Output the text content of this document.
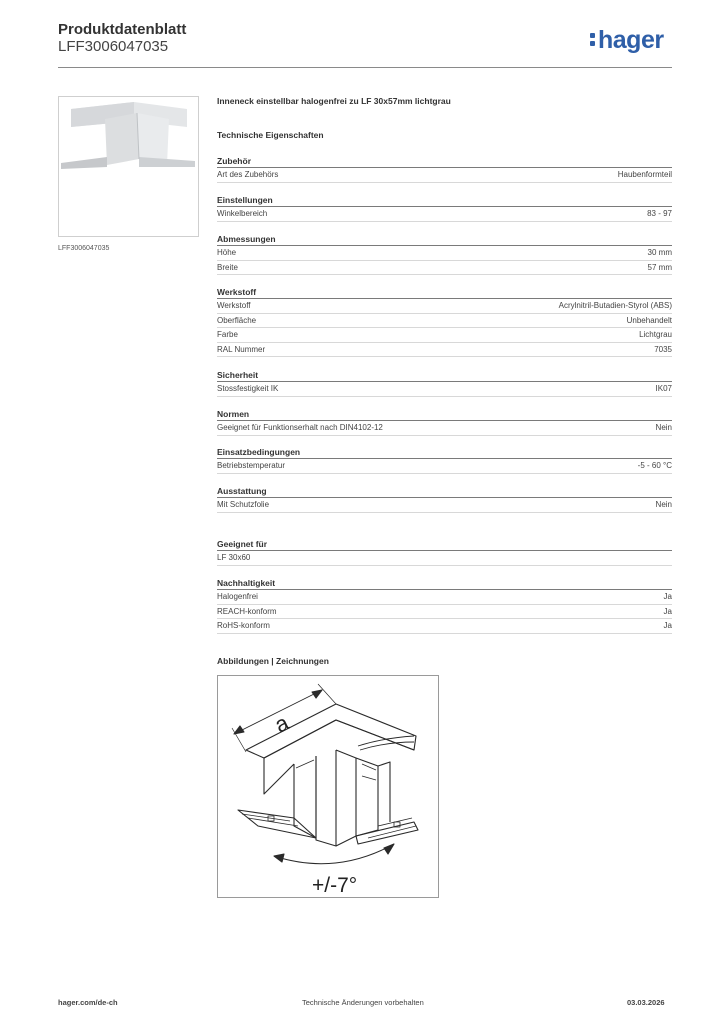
Produktdatenblatt
LFF3006047035	hager
LFF3006047035
Inneneck einstellbar halogenfrei zu LF 30x57mm lichtgrau
Technische Eigenschaften
Zubehör
Art des Zubehörs	Haubenformteil
Einstellungen
Winkelbereich	83 - 97
Abmessungen
Höhe	30 mm
Breite	57 mm
Werkstoff
Werkstoff	Acrylnitril-Butadien-Styrol (ABS)
Oberfläche	Unbehandelt
Farbe	Lichtgrau
RAL Nummer	7035
Sicherheit
Stossfestigkeit IK	IK07
Normen
Geeignet für Funktionserhalt nach DIN4102-12	Nein
Einsatzbedingungen
Betriebstemperatur	-5 - 60 °C
Ausstattung
Mit Schutzfolie	Nein
Geeignet für
LF 30x60
Nachhaltigkeit
Halogenfrei	Ja
REACH-konform	Ja
RoHS-konform	Ja
Abbildungen | Zeichnungen
a
+/-7°
hager.com/de-ch	Technische Änderungen vorbehalten	03.03.2026
